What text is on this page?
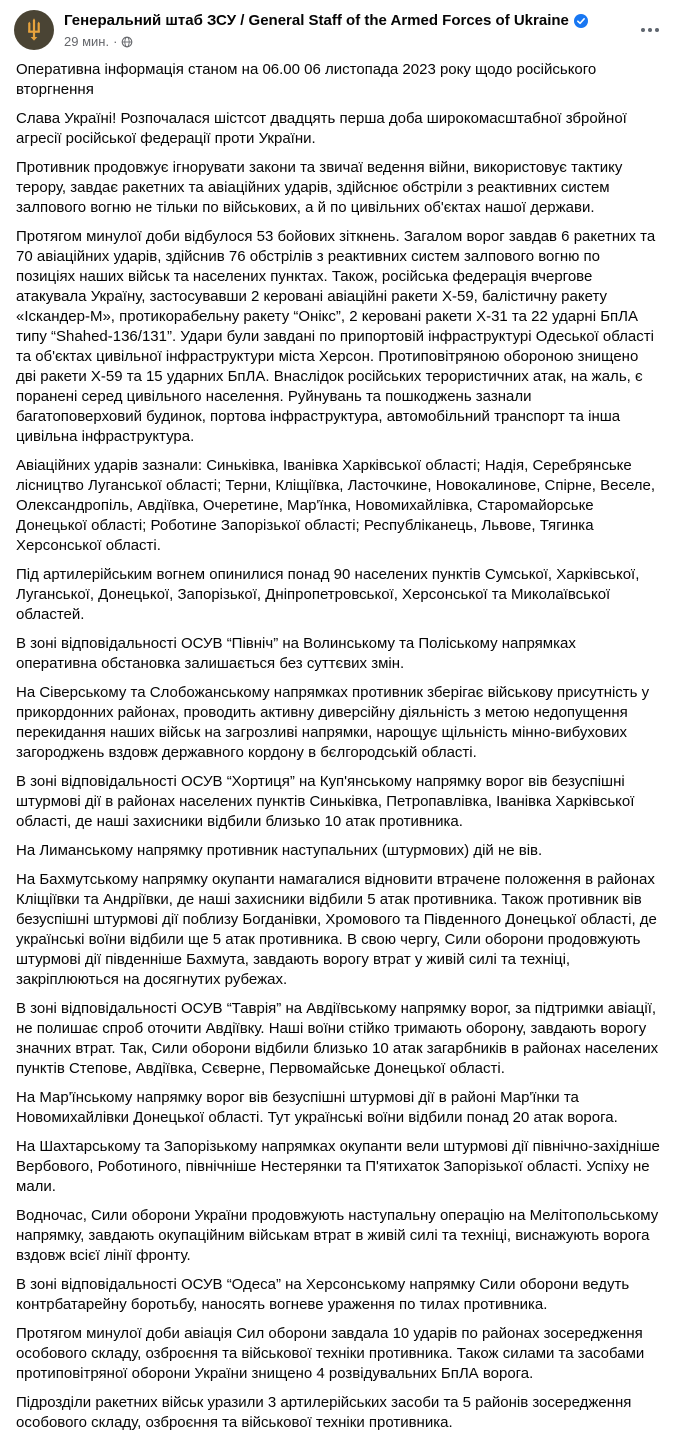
Генеральний штаб ЗСУ / General Staff of the Armed Forces of Ukraine
29 мин. ·

Оперативна інформація станом на 06.00 06 листопада 2023 року щодо російського вторгнення

Слава Україні! Розпочалася шістсот двадцять перша доба широкомасштабної збройної агресії російської федерації проти України.

Противник продовжує ігнорувати закони та звичаї ведення війни, використовує тактику терору, завдає ракетних та авіаційних ударів, здійснює обстріли з реактивних систем залпового вогню не тільки по військових, а й по цивільних об'єктах нашої держави.

Протягом минулої доби відбулося 53 бойових зіткнень. Загалом ворог завдав 6 ракетних та 70 авіаційних ударів, здійснив 76 обстрілів з реактивних систем залпового вогню по позиціях наших військ та населених пунктах. Також, російська федерація вчергове атакувала Україну, застосувавши 2 керовані авіаційні ракети Х-59, балістичну ракету «Іскандер-М», протикорабельну ракету “Онікс”, 2 керовані ракети Х-31 та 22 ударні БпЛА типу “Shahed-136/131”. Удари були завдані по припортовій інфраструктурі Одеської області та об'єктах цивільної інфраструктури міста Херсон. Протиповітряною обороною знищено дві ракети Х-59 та 15 ударних БпЛА. Внаслідок російських терористичних атак, на жаль, є поранені серед цивільного населення. Руйнувань та пошкоджень зазнали багатоповерховий будинок, портова інфраструктура, автомобільний транспорт та інша цивільна інфраструктура.

Авіаційних ударів зазнали: Синьківка, Іванівка Харківської області; Надія, Серебрянське лісництво Луганської області; Терни, Кліщіївка, Ласточкине, Новокалинове, Спірне, Веселе, Олександропіль, Авдіївка, Очеретине, Мар'їнка, Новомихайлівка, Старомайорське Донецької області; Роботине Запорізької області; Республіканець, Львове, Тягинка Херсонської області.

Під артилерійським вогнем опинилися понад 90 населених пунктів Сумської, Харківської, Луганської, Донецької, Запорізької, Дніпропетровської, Херсонської та Миколаївської областей.

В зоні відповідальності ОСУВ “Північ” на Волинському та Поліському напрямках оперативна обстановка залишається без суттєвих змін.

На Сіверському та Слобожанському напрямках противник зберігає військову присутність у прикордонних районах, проводить активну диверсійну діяльність з метою недопущення перекидання наших військ на загрозливі напрямки, нарощує щільність мінно-вибухових загороджень вздовж державного кордону в бєлгородській області.

В зоні відповідальності ОСУВ “Хортиця” на Куп'янському напрямку ворог вів безуспішні штурмові дії в районах населених пунктів Синьківка, Петропавлівка, Іванівка Харківської області, де наші захисники відбили близько 10 атак противника.

На Лиманському напрямку противник наступальних (штурмових) дій не вів.

На Бахмутському напрямку окупанти намагалися відновити втрачене положення в районах Кліщіївки та Андріївки, де наші захисники відбили 5 атак противника. Також противник вів безуспішні штурмові дії поблизу Богданівки, Хромового та Південного Донецької області, де українські воїни відбили ще 5 атак противника. В свою чергу, Сили оборони продовжують штурмові дії південніше Бахмута, завдають ворогу втрат у живій силі та техніці, закріплюються на досягнутих рубежах.

В зоні відповідальності ОСУВ “Таврія” на Авдіївському напрямку ворог, за підтримки авіації, не полишає спроб оточити Авдіївку. Наші воїни стійко тримають оборону, завдають ворогу значних втрат. Так, Сили оборони відбили близько 10 атак загарбників в районах населених пунктів Степове, Авдіївка, Сєверне, Первомайське Донецької області.

На Мар'їнському напрямку ворог вів безуспішні штурмові дії в районі Мар'їнки та Новомихайлівки Донецької області. Тут українські воїни відбили понад 20 атак ворога.

На Шахтарському та Запорізькому напрямках окупанти вели штурмові дії північно-західніше Вербового, Роботиного, північніше Нестерянки та П'ятихаток Запорізької області. Успіху не мали.

Водночас, Сили оборони України продовжують наступальну операцію на Мелітопольському напрямку, завдають окупаційним військам втрат в живій силі та техніці, виснажують ворога вздовж всієї лінії фронту.

В зоні відповідальності ОСУВ “Одеса” на Херсонському напрямку Сили оборони ведуть контрбатарейну боротьбу, наносять вогневе ураження по тилах противника.

Протягом минулої доби авіація Сил оборони завдала 10 ударів по районах зосередження особового складу, озброєння та військової техніки противника. Також силами та засобами протиповітряної оборони України знищено 4 розвідувальних БпЛА ворога.

Підрозділи ракетних військ уразили 3 артилерійських засоби та 5 районів зосередження особового складу, озброєння та військової техніки противника.
